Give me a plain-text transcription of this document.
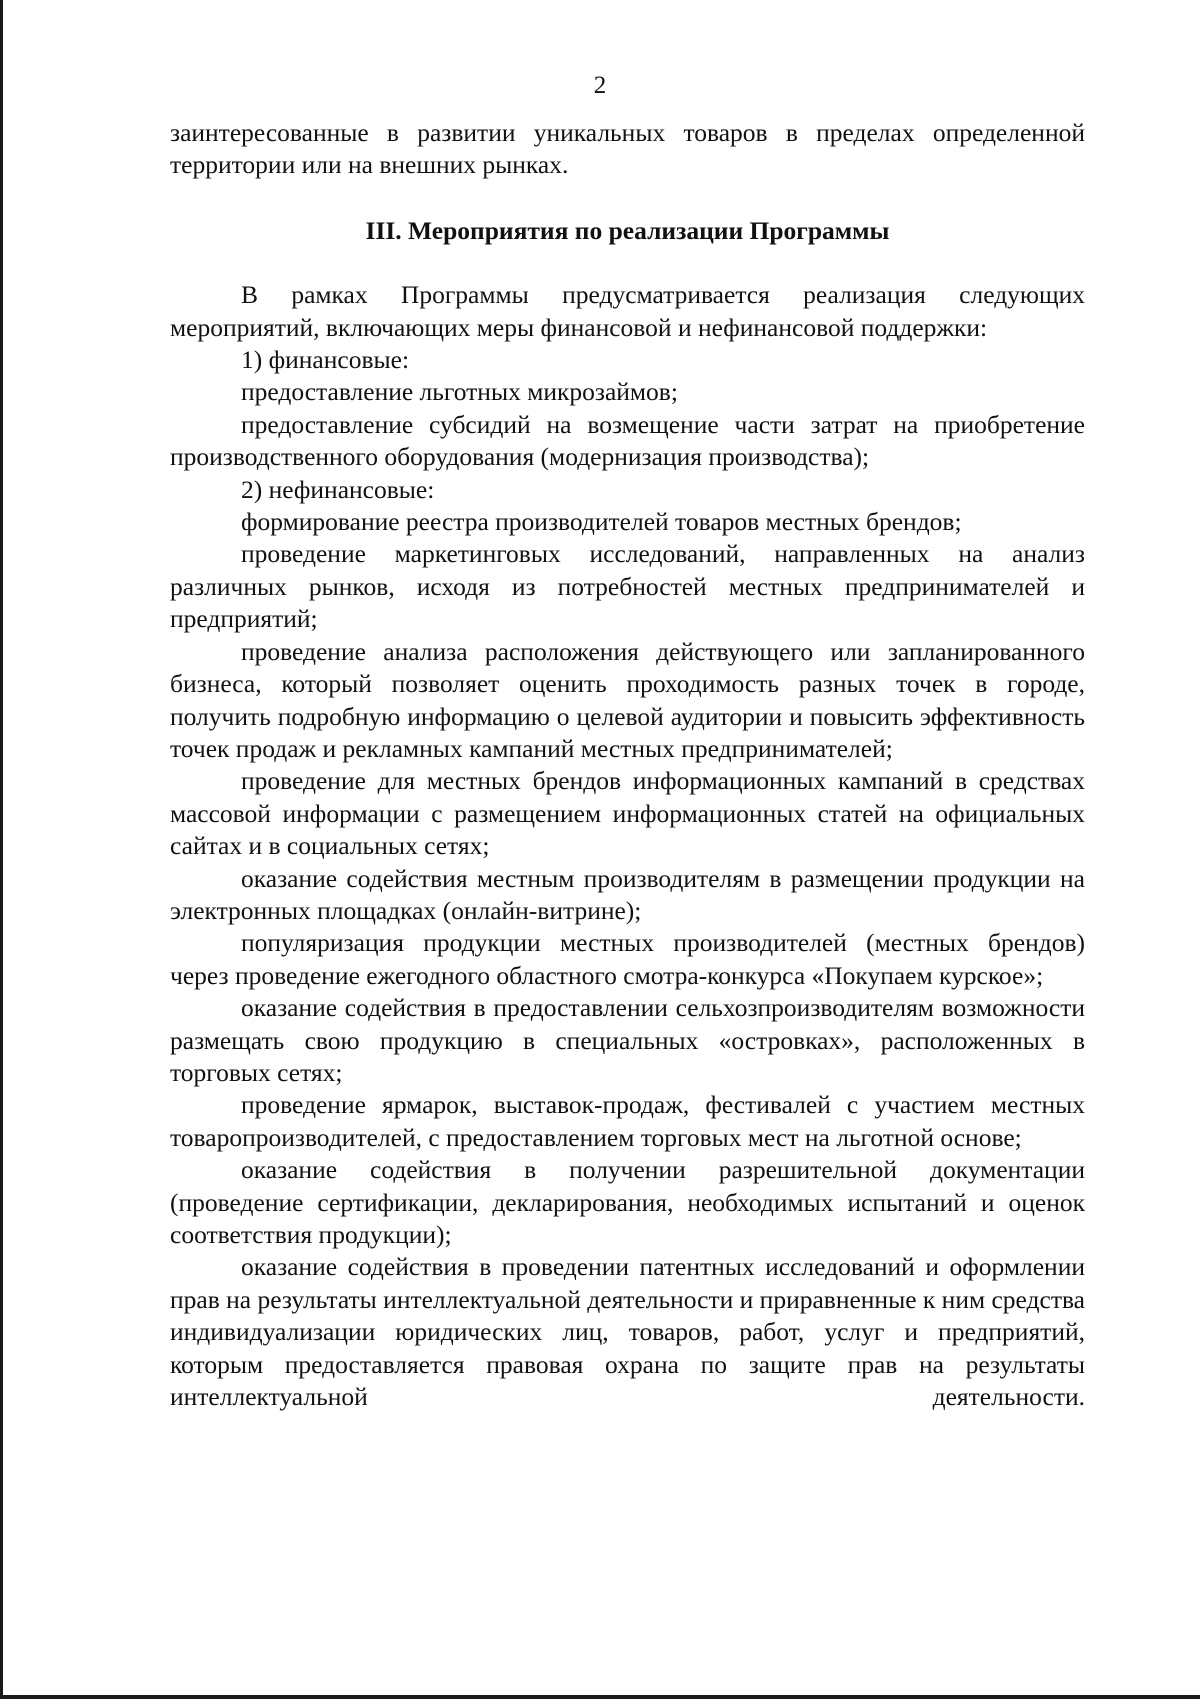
2

заинтересованные в развитии уникальных товаров в пределах определенной территории или на внешних рынках.

III. Мероприятия по реализации Программы

В рамках Программы предусматривается реализация следующих мероприятий, включающих меры финансовой и нефинансовой поддержки:

1) финансовые:

предоставление льготных микрозаймов;

предоставление субсидий на возмещение части затрат на приобретение производственного оборудования (модернизация производства);

2) нефинансовые:

формирование реестра производителей товаров местных брендов;

проведение маркетинговых исследований, направленных на анализ различных рынков, исходя из потребностей местных предпринимателей и предприятий;

проведение анализа расположения действующего или запланированного бизнеса, который позволяет оценить проходимость разных точек в городе, получить подробную информацию о целевой аудитории и повысить эффективность точек продаж и рекламных кампаний местных предпринимателей;

проведение для местных брендов информационных кампаний в средствах массовой информации с размещением информационных статей на официальных сайтах и в социальных сетях;

оказание содействия местным производителям в размещении продукции на электронных площадках (онлайн-витрине);

популяризация продукции местных производителей (местных брендов) через проведение ежегодного областного смотра-конкурса «Покупаем курское»;

оказание содействия в предоставлении сельхозпроизводителям возможности размещать свою продукцию в специальных «островках», расположенных в торговых сетях;

проведение ярмарок, выставок-продаж, фестивалей с участием местных товаропроизводителей, с предоставлением торговых мест на льготной основе;

оказание содействия в получении разрешительной документации (проведение сертификации, декларирования, необходимых испытаний и оценок соответствия продукции);

оказание содействия в проведении патентных исследований и оформлении прав на результаты интеллектуальной деятельности и приравненные к ним средства индивидуализации юридических лиц, товаров, работ, услуг и предприятий, которым предоставляется правовая охрана по защите прав на результаты интеллектуальной деятельности.
